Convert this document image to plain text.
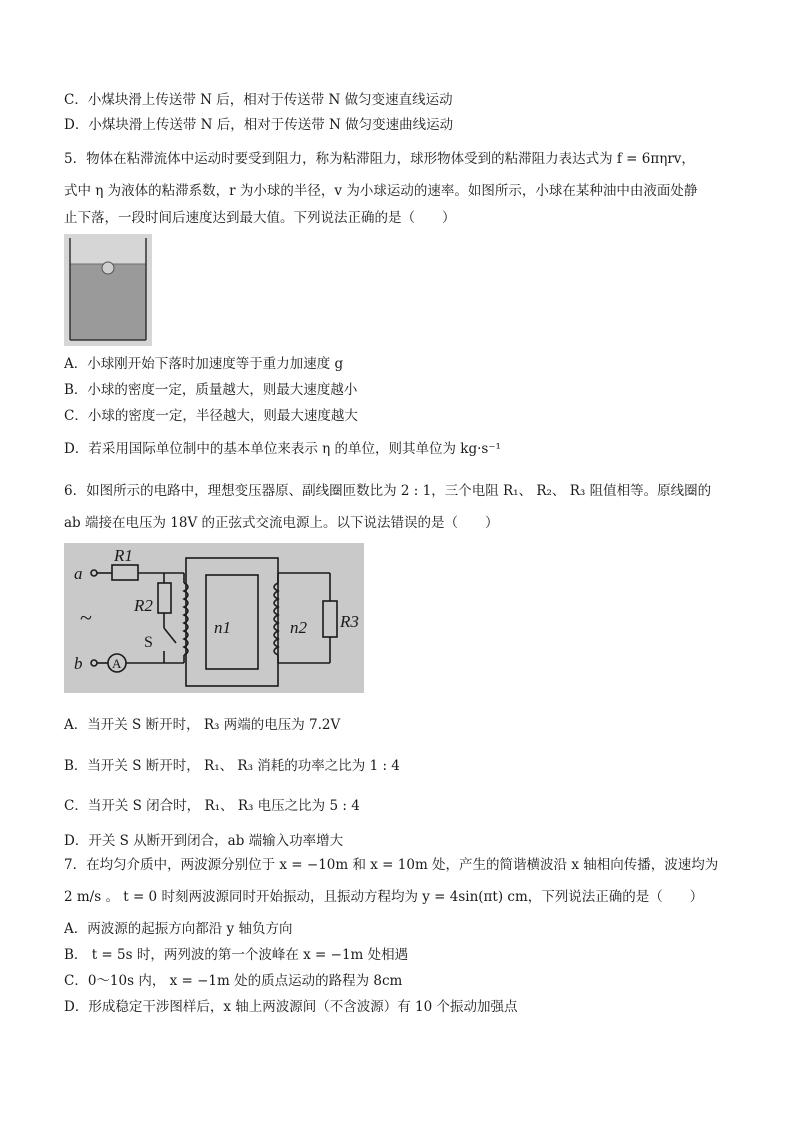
C．小煤块滑上传送带 N 后，相对于传送带 N 做匀变速直线运动
D．小煤块滑上传送带 N 后，相对于传送带 N 做匀变速曲线运动
5．物体在粘滞流体中运动时要受到阻力，称为粘滞阻力，球形物体受到的粘滞阻力表达式为 f = 6πηrv，
式中 η 为液体的粘滞系数，r 为小球的半径，v 为小球运动的速率。如图所示，小球在某种油中由液面处静
止下落，一段时间后速度达到最大值。下列说法正确的是（　　）
A．小球刚开始下落时加速度等于重力加速度 g
B．小球的密度一定，质量越大，则最大速度越小
C．小球的密度一定，半径越大，则最大速度越大
D．若采用国际单位制中的基本单位来表示 η 的单位，则其单位为 kg·s⁻¹
6．如图所示的电路中，理想变压器原、副线圈匝数比为 2 : 1，三个电阻 R₁、 R₂、 R₃ 阻值相等。原线圈的
ab 端接在电压为 18V 的正弦式交流电源上。以下说法错误的是（　　）
a
b
R1
R2
n1	n2 R3
S
A
~
A．当开关 S 断开时， R₃ 两端的电压为 7.2V
B．当开关 S 断开时， R₁、 R₃ 消耗的功率之比为 1 : 4
C．当开关 S 闭合时， R₁、 R₃ 电压之比为 5 : 4
D．开关 S 从断开到闭合，ab 端输入功率增大
7．在均匀介质中，两波源分别位于 x = −10m 和 x = 10m 处，产生的简谐横波沿 x 轴相向传播，波速均为
2 m/s 。 t = 0 时刻两波源同时开始振动，且振动方程均为 y = 4sin(πt) cm，下列说法正确的是（　　）
A．两波源的起振方向都沿 y 轴负方向
B． t = 5s 时，两列波的第一个波峰在 x = −1m 处相遇
C．0～10s 内， x = −1m 处的质点运动的路程为 8cm
D．形成稳定干涉图样后，x 轴上两波源间（不含波源）有 10 个振动加强点
